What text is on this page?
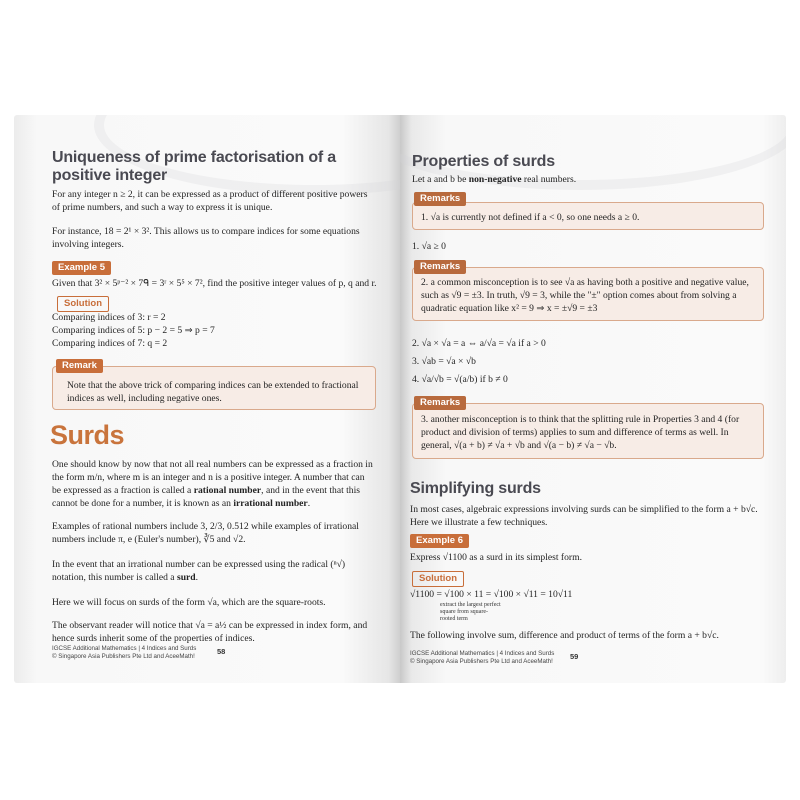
Uniqueness of prime factorisation of a
positive integer
For any integer n ≥ 2, it can be expressed as a product of different positive powers of prime numbers, and such a way to express it is unique.
For instance, 18 = 2¹ × 3². This allows us to compare indices for some equations involving integers.
Example 5
Given that 3² × 5ᵖ⁻² × 7ᑫ = 3ʳ × 5⁵ × 7², find the positive integer values of p, q and r.
Solution
Comparing indices of 3: r = 2
Comparing indices of 5: p − 2 = 5 ⇒ p = 7
Comparing indices of 7: q = 2
Note that the above trick of comparing indices can be extended to fractional indices as well, including negative ones.
Remark
Surds
One should know by now that not all real numbers can be expressed as a fraction in the form m/n, where m is an integer and n is a positive integer. A number that can be expressed as a fraction is called a rational number, and in the event that this cannot be done for a number, it is known as an irrational number.
Examples of rational numbers include 3, 2/3, 0.512 while examples of irrational numbers include π, e (Euler's number), ∛5 and √2.
In the event that an irrational number can be expressed using the radical (ⁿ√) notation, this number is called a surd.
Here we will focus on surds of the form √a, which are the square-roots.
The observant reader will notice that √a = a½ can be expressed in index form, and hence surds inherit some of the properties of indices.
IGCSE Additional Mathematics | 4 Indices and Surds
© Singapore Asia Publishers Pte Ltd and AceeMath!
58
Properties of surds
Let a and b be non-negative real numbers.
1. √a is currently not defined if a < 0, so one needs a ≥ 0.
Remarks
1. √a ≥ 0
2. a common misconception is to see √a as having both a positive and negative value, such as √9 = ±3. In truth, √9 = 3, while the "±" option comes about from solving a quadratic equation like x² = 9 ⇒ x = ±√9 = ±3
Remarks
2. √a × √a = a ⇔ a/√a = √a if a > 0
3. √ab = √a × √b
4. √a/√b = √(a/b) if b ≠ 0
3. another misconception is to think that the splitting rule in Properties 3 and 4 (for product and division of terms) applies to sum and difference of terms as well. In general, √(a + b) ≠ √a + √b and √(a − b) ≠ √a − √b.
Remarks
Simplifying surds
In most cases, algebraic expressions involving surds can be simplified to the form a + b√c. Here we illustrate a few techniques.
Example 6
Express √1100 as a surd in its simplest form.
Solution
√1100 = √100 × 11 = √100 × √11 = 10√11
extract the largest perfect square from square-rooted term
The following involve sum, difference and product of terms of the form a + b√c.
IGCSE Additional Mathematics | 4 Indices and Surds
© Singapore Asia Publishers Pte Ltd and AceeMath!
59
